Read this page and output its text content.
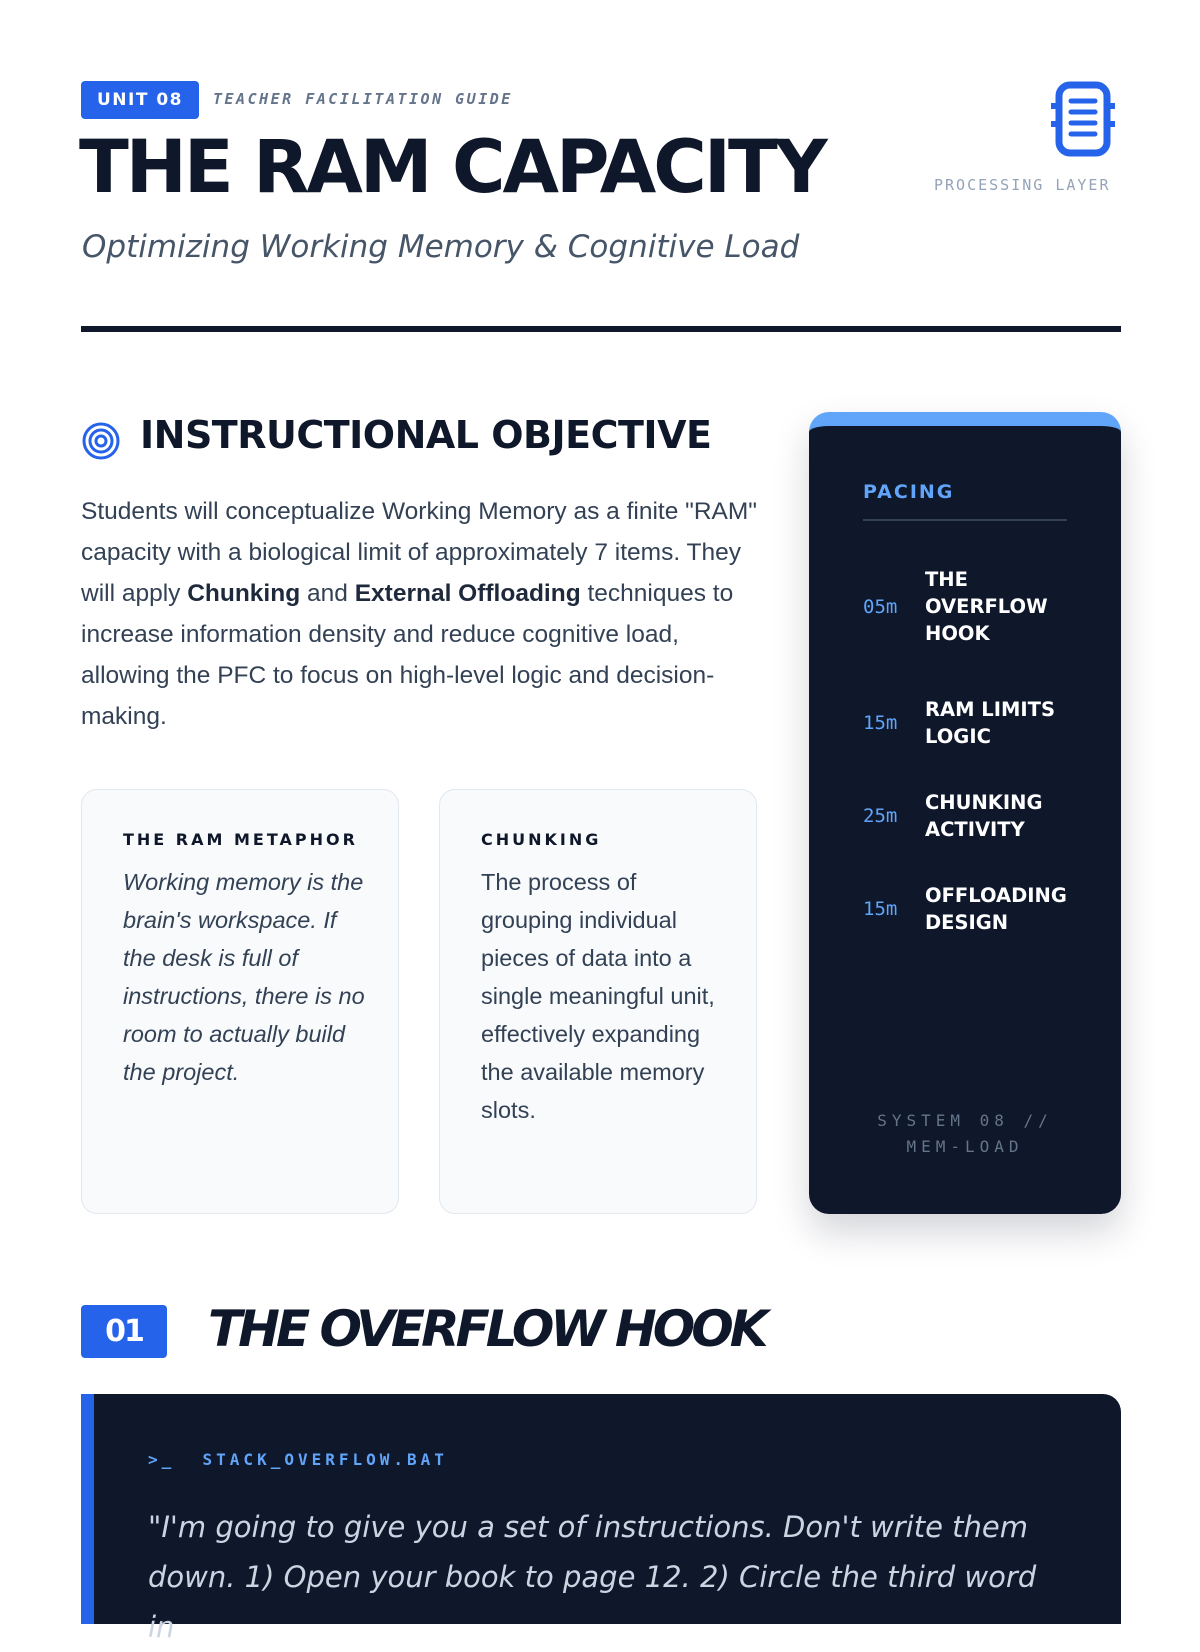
UNIT 08	TEACHER FACILITATION GUIDE
THE RAM CAPACITY
Optimizing Working Memory & Cognitive Load
PROCESSING LAYER
INSTRUCTIONAL OBJECTIVE

Students will conceptualize Working Memory as a finite "RAM" capacity with a biological limit of approximately 7 items. They will apply Chunking and External Offloading techniques to increase information density and reduce cognitive load, allowing the PFC to focus on high-level logic and decision-making.

THE RAM METAPHOR

Working memory is the brain's workspace. If the desk is full of instructions, there is no room to actually build the project.

CHUNKING

The process of grouping individual pieces of data into a single meaningful unit, effectively expanding the available memory slots.

PACING
05m
THE OVERFLOW HOOK
15m
RAM LIMITS LOGIC
25m
CHUNKING ACTIVITY
15m
OFFLOADING DESIGN
SYSTEM 08 //
MEM-LOAD
01	THE OVERFLOW HOOK
>_ STACK_OVERFLOW.BAT

"I'm going to give you a set of instructions. Don't write them down. 1) Open your book to page 12. 2) Circle the third word in
